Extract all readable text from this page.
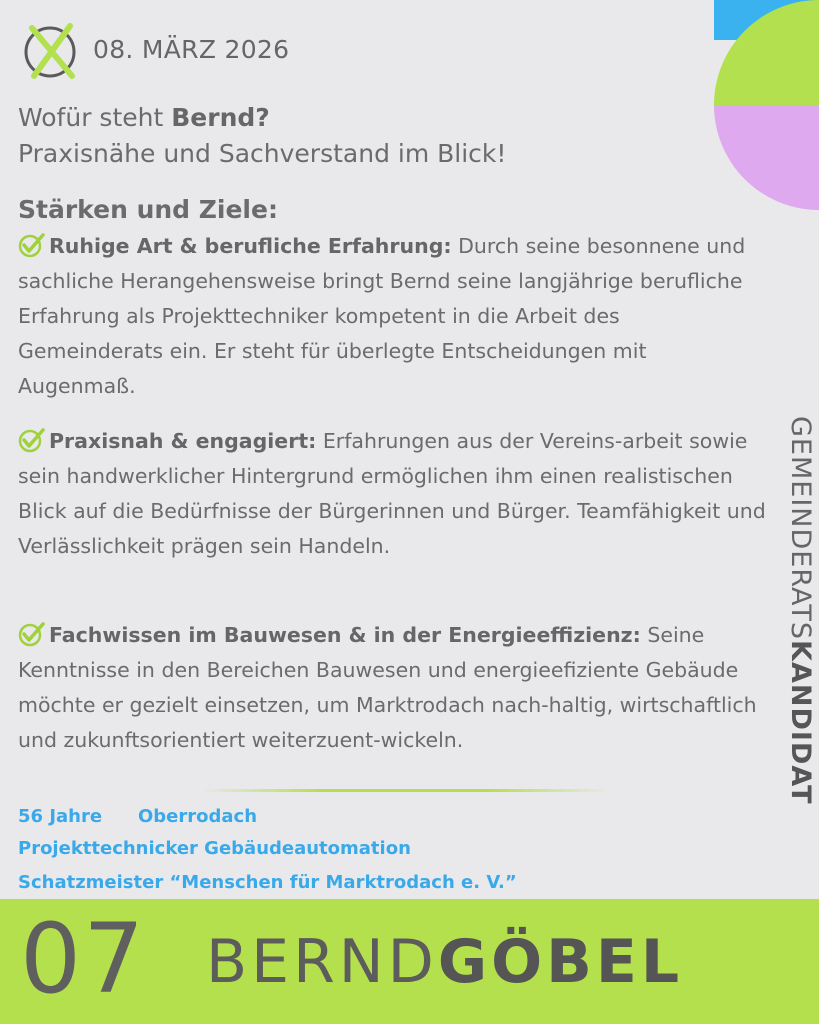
08. MÄRZ 2026
Wofür steht Bernd?
Praxisnähe und Sachverstand im Blick!
Stärken und Ziele:
Ruhige Art & berufliche Erfahrung: Durch seine besonnene und sachliche Herangehensweise bringt Bernd seine langjährige berufliche Erfahrung als Projekttechniker kompetent in die Arbeit des Gemeinderats ein. Er steht für überlegte Entscheidungen mit Augenmaß.
Praxisnah & engagiert: Erfahrungen aus der Vereins-arbeit sowie sein handwerklicher Hintergrund ermöglichen ihm einen realistischen Blick auf die Bedürfnisse der Bürgerinnen und Bürger. Teamfähigkeit und Verlässlichkeit prägen sein Handeln.
Fachwissen im Bauwesen & in der Energieeffizienz: Seine Kenntnisse in den Bereichen Bauwesen und energieefiziente Gebäude möchte er gezielt einsetzen, um Marktrodach nach-haltig, wirtschaftlich und zukunftsorientiert weiterzuent-wickeln.
56 Jahre Oberrodach
Projekttechnicker Gebäudeautomation
Schatzmeister “Menschen für Marktrodach e. V.”
GEMEINDERATSKANDIDAT
07 BERNDGÖBEL
